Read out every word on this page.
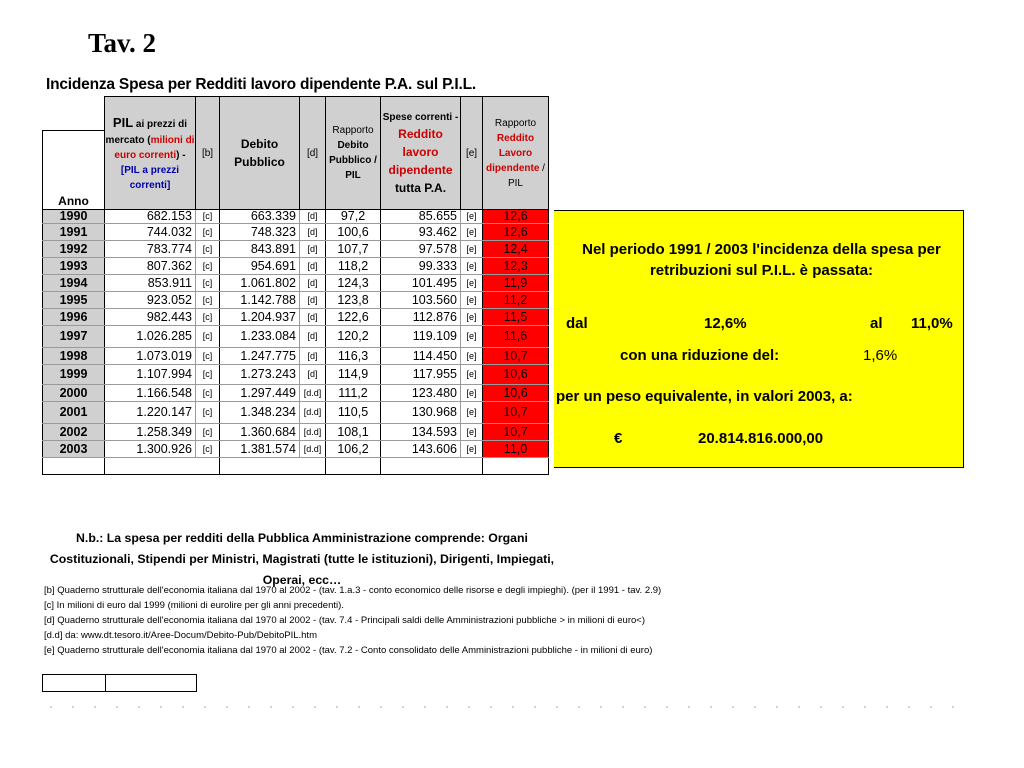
Tav. 2
Incidenza Spesa per Redditi lavoro dipendente P.A. sul P.I.L.
	PIL ai prezzi di mercato (milioni di euro correnti) - [PIL a prezzi correnti]	[b]	Debito Pubblico	[d]	Rapporto Debito Pubblico / PIL	Spese correnti - Reddito lavoro dipendente tutta P.A.	[e]	Rapporto Reddito Lavoro dipendente / PIL
Anno								
1990	682.153	[c]	663.339	[d]	97,2	85.655	[e]	12,6
1991	744.032	[c]	748.323	[d]	100,6	93.462	[e]	12,6
1992	783.774	[c]	843.891	[d]	107,7	97.578	[e]	12,4
1993	807.362	[c]	954.691	[d]	118,2	99.333	[e]	12,3
1994	853.911	[c]	1.061.802	[d]	124,3	101.495	[e]	11,9
1995	923.052	[c]	1.142.788	[d]	123,8	103.560	[e]	11,2
1996	982.443	[c]	1.204.937	[d]	122,6	112.876	[e]	11,5
1997	1.026.285	[c]	1.233.084	[d]	120,2	119.109	[e]	11,6
1998	1.073.019	[c]	1.247.775	[d]	116,3	114.450	[e]	10,7
1999	1.107.994	[c]	1.273.243	[d]	114,9	117.955	[e]	10,6
2000	1.166.548	[c]	1.297.449	[d.d]	111,2	123.480	[e]	10,6
2001	1.220.147	[c]	1.348.234	[d.d]	110,5	130.968	[e]	10,7
2002	1.258.349	[c]	1.360.684	[d.d]	108,1	134.593	[e]	10,7
2003	1.300.926	[c]	1.381.574	[d.d]	106,2	143.606	[e]	11,0

Nel periodo 1991 / 2003 l'incidenza della spesa per retribuzioni sul P.I.L. è passata:
dal	12,6%	al 11,0%
con una riduzione del:	1,6%
per un peso equivalente, in valori 2003, a:
€	20.814.816.000,00
N.b.: La spesa per redditi della Pubblica Amministrazione comprende: Organi Costituzionali, Stipendi per Ministri, Magistrati (tutte le istituzioni), Dirigenti, Impiegati, Operai, ecc…
[b] Quaderno strutturale dell'economia italiana dal 1970 al 2002 - (tav. 1.a.3 - conto economico delle risorse e degli impieghi). (per il 1991 - tav. 2.9)
[c] In milioni di euro dal 1999 (milioni di eurolire per gli anni precedenti).
[d] Quaderno strutturale dell'economia italiana dal 1970 al 2002 - (tav. 7.4 - Principali saldi delle Amministrazioni pubbliche > in milioni di euro<)
[d.d] da: www.dt.tesoro.it/Aree-Docum/Debito-Pub/DebitoPIL.htm
[e] Quaderno strutturale dell'economia italiana dal 1970 al 2002 - (tav. 7.2 - Conto consolidato delle Amministrazioni pubbliche - in milioni di euro)
